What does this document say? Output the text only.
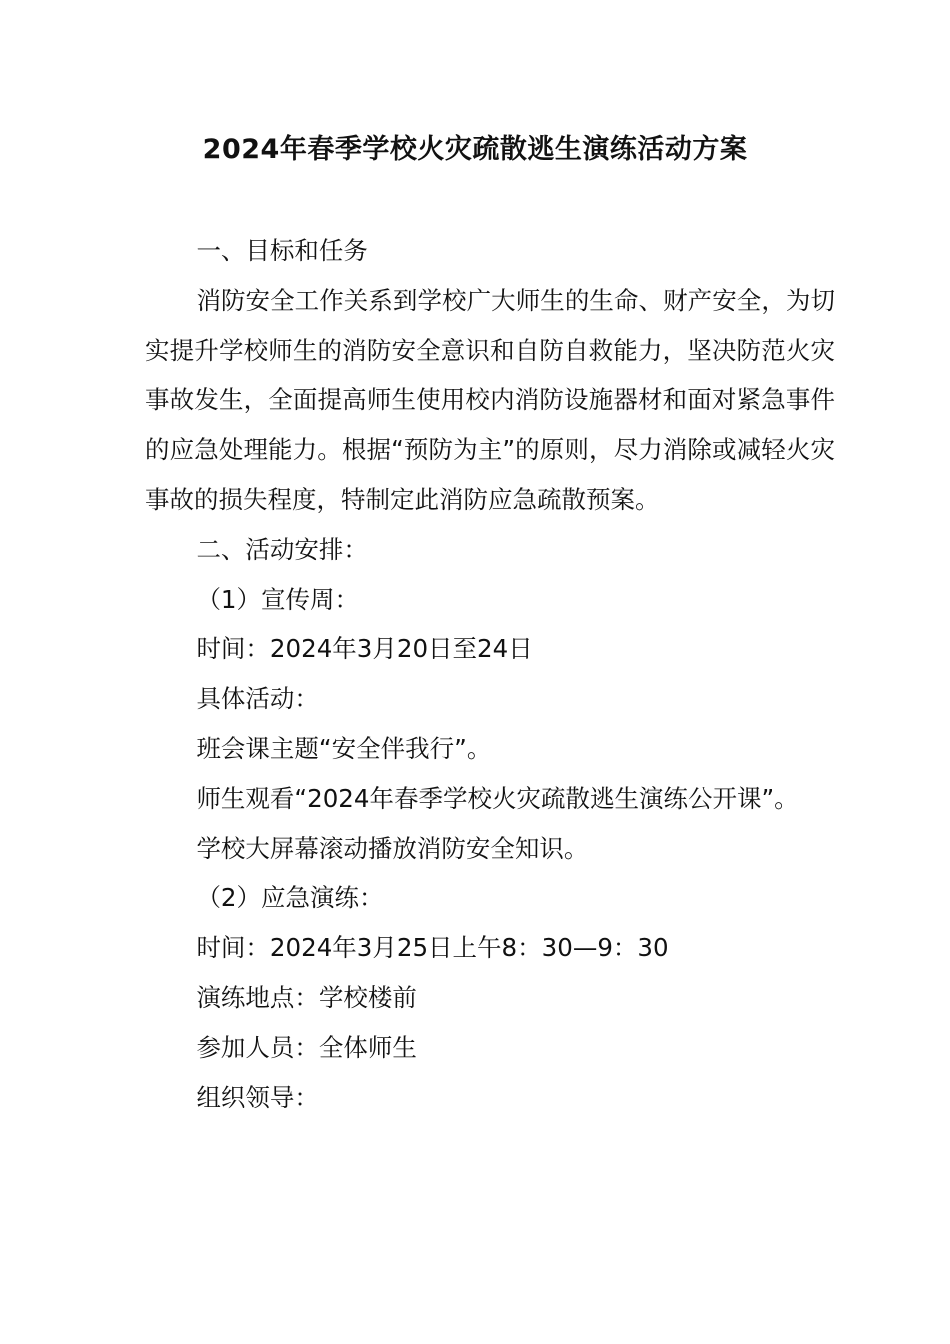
2024年春季学校火灾疏散逃生演练活动方案

一、目标和任务

消防安全工作关系到学校广大师生的生命、财产安全，为切实提升学校师生的消防安全意识和自防自救能力，坚决防范火灾事故发生，全面提高师生使用校内消防设施器材和面对紧急事件的应急处理能力。根据“预防为主”的原则，尽力消除或减轻火灾事故的损失程度，特制定此消防应急疏散预案。

二、活动安排：

（1）宣传周：

时间：2024年3月20日至24日

具体活动：

班会课主题“安全伴我行”。

师生观看“2024年春季学校火灾疏散逃生演练公开课”。

学校大屏幕滚动播放消防安全知识。

（2）应急演练：

时间：2024年3月25日上午8：30—9：30

演练地点：学校楼前

参加人员：全体师生

组织领导：
